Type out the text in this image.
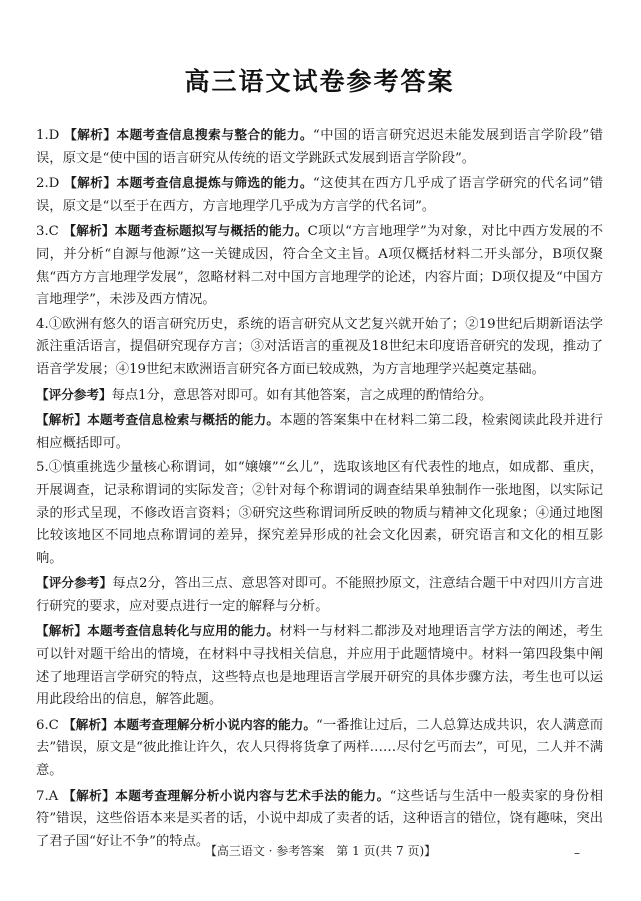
高三语文试卷参考答案
1.D 【解析】本题考查信息搜索与整合的能力。“中国的语言研究迟迟未能发展到语言学阶段”错误，原文是“使中国的语言研究从传统的语文学跳跃式发展到语言学阶段”。
2.D 【解析】本题考查信息提炼与筛选的能力。“这使其在西方几乎成了语言学研究的代名词”错误，原文是“以至于在西方，方言地理学几乎成为方言学的代名词”。
3.C 【解析】本题考查标题拟写与概括的能力。C项以“方言地理学”为对象，对比中西方发展的不同，并分析“自源与他源”这一关键成因，符合全文主旨。A项仅概括材料二开头部分，B项仅聚焦“西方方言地理学发展”，忽略材料二对中国方言地理学的论述，内容片面；D项仅提及“中国方言地理学”，未涉及西方情况。
4.①欧洲有悠久的语言研究历史，系统的语言研究从文艺复兴就开始了；②19世纪后期新语法学派注重活语言，提倡研究现存方言；③对活语言的重视及18世纪末印度语音研究的发现，推动了语音学发展；④19世纪末欧洲语言研究各方面已较成熟，为方言地理学兴起奠定基础。
【评分参考】每点1分，意思答对即可。如有其他答案，言之成理的酌情给分。
【解析】本题考查信息检索与概括的能力。本题的答案集中在材料二第二段，检索阅读此段并进行相应概括即可。
5.①慎重挑选少量核心称谓词，如“嬢嬢”“幺儿”，选取该地区有代表性的地点，如成都、重庆，开展调查，记录称谓词的实际发音；②针对每个称谓词的调查结果单独制作一张地图，以实际记录的形式呈现，不修改语言资料；③研究这些称谓词所反映的物质与精神文化现象；④通过地图比较该地区不同地点称谓词的差异，探究差异形成的社会文化因素，研究语言和文化的相互影响。
【评分参考】每点2分，答出三点、意思答对即可。不能照抄原文，注意结合题干中对四川方言进行研究的要求，应对要点进行一定的解释与分析。
【解析】本题考查信息转化与应用的能力。材料一与材料二都涉及对地理语言学方法的阐述，考生可以针对题干给出的情境，在材料中寻找相关信息，并应用于此题情境中。材料一第四段集中阐述了地理语言学研究的特点，这些特点也是地理语言学展开研究的具体步骤方法，考生也可以运用此段给出的信息，解答此题。
6.C 【解析】本题考查理解分析小说内容的能力。“一番推让过后，二人总算达成共识，农人满意而去”错误，原文是“彼此推让许久，农人只得将货拿了两样……尽付乞丐而去”，可见，二人并不满意。
7.A 【解析】本题考查理解分析小说内容与艺术手法的能力。“这些话与生活中一般卖家的身份相符”错误，这些俗语本来是买者的话，小说中却成了卖者的话，这种语言的错位，饶有趣味，突出了君子国“好让不争”的特点。
【高三语文 · 参考答案　第 1 页(共 7 页)】	–
